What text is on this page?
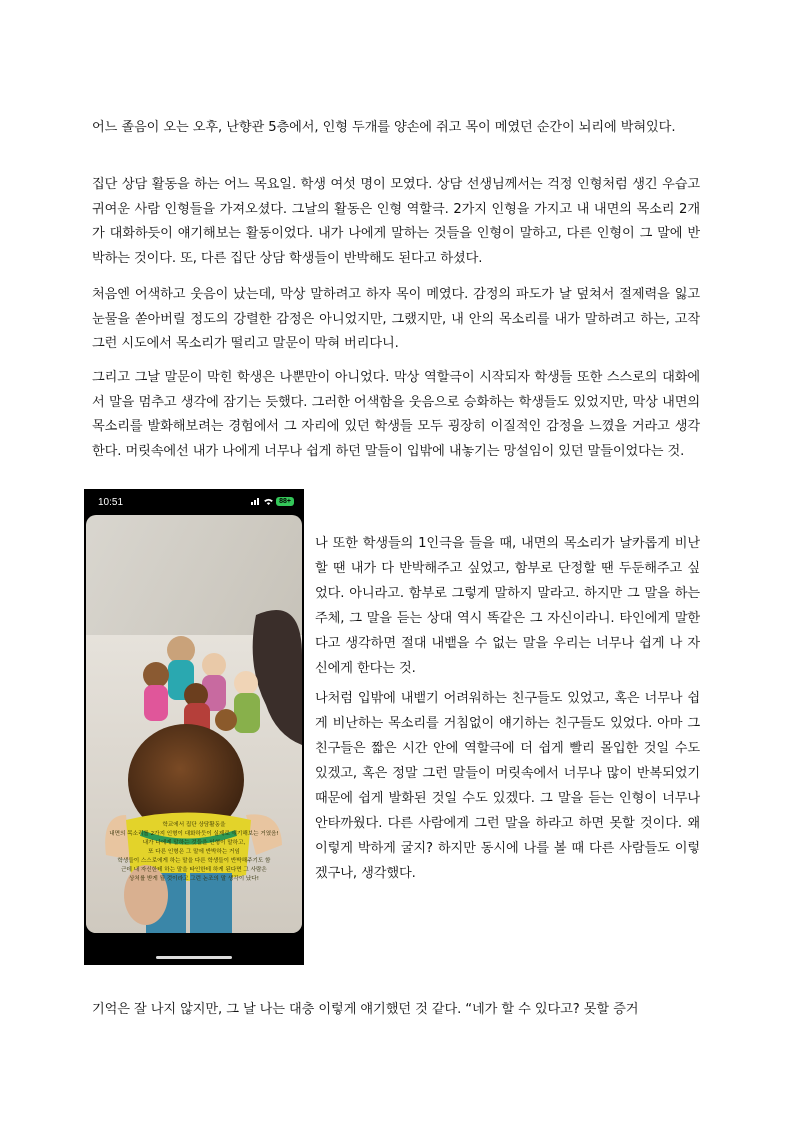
어느 졸음이 오는 오후, 난향관 5층에서, 인형 두개를 양손에 쥐고 목이 메였던 순간이 뇌리에 박혀있다.

집단 상담 활동을 하는 어느 목요일. 학생 여섯 명이 모였다. 상담 선생님께서는 걱정 인형처럼 생긴 우습고 귀여운 사람 인형들을 가져오셨다. 그날의 활동은 인형 역할극. 2가지 인형을 가지고 내 내면의 목소리 2개가 대화하듯이 얘기해보는 활동이었다. 내가 나에게 말하는 것들을 인형이 말하고, 다른 인형이 그 말에 반박하는 것이다. 또, 다른 집단 상담 학생들이 반박해도 된다고 하셨다.

처음엔 어색하고 웃음이 났는데, 막상 말하려고 하자 목이 메였다. 감정의 파도가 날 덮쳐서 절제력을 잃고 눈물을 쏟아버릴 정도의 강렬한 감정은 아니었지만, 그랬지만, 내 안의 목소리를 내가 말하려고 하는, 고작 그런 시도에서 목소리가 떨리고 말문이 막혀 버리다니.

그리고 그날 말문이 막힌 학생은 나뿐만이 아니었다. 막상 역할극이 시작되자 학생들 또한 스스로의 대화에서 말을 멈추고 생각에 잠기는 듯했다. 그러한 어색함을 웃음으로 승화하는 학생들도 있었지만, 막상 내면의 목소리를 발화해보려는 경험에서 그 자리에 있던 학생들 모두 굉장히 이질적인 감정을 느꼈을 거라고 생각한다. 머릿속에선 내가 나에게 너무나 쉽게 하던 말들이 입밖에 내놓기는 망설임이 있던 말들이었다는 것.

10:51	88+
학교에서 집단 상담활동을
내면의 목소리를 2가지 인형이 대화하듯이 실제로 얘기해보는 거였음!
내가 나에게 말하는 것들을 인형이 말하고,
또 다른 인형은 그 말에 반박하는 거임
학생들이 스스로에게 하는 말을 다른 학생들이 반박해주기도 함
근데 내 자신한테 하는 말을 타인한테 하게 된다면 그 사람은
상처를 받게 될 것이라고 그런 논조의 말 생각이 났다!

나 또한 학생들의 1인극을 들을 때, 내면의 목소리가 날카롭게 비난할 땐 내가 다 반박해주고 싶었고, 함부로 단정할 땐 두둔해주고 싶었다. 아니라고. 함부로 그렇게 말하지 말라고. 하지만 그 말을 하는 주체, 그 말을 듣는 상대 역시 똑같은 그 자신이라니. 타인에게 말한다고 생각하면 절대 내뱉을 수 없는 말을 우리는 너무나 쉽게 나 자신에게 한다는 것.

나처럼 입밖에 내뱉기 어려워하는 친구들도 있었고, 혹은 너무나 쉽게 비난하는 목소리를 거침없이 얘기하는 친구들도 있었다. 아마 그 친구들은 짧은 시간 안에 역할극에 더 쉽게 빨리 몰입한 것일 수도 있겠고, 혹은 정말 그런 말들이 머릿속에서 너무나 많이 반복되었기 때문에 쉽게 발화된 것일 수도 있겠다. 그 말을 듣는 인형이 너무나 안타까웠다. 다른 사람에게 그런 말을 하라고 하면 못할 것이다. 왜 이렇게 박하게 굴지? 하지만 동시에 나를 볼 때 다른 사람들도 이렇겠구나, 생각했다.

기억은 잘 나지 않지만, 그 날 나는 대충 이렇게 얘기했던 것 같다. “네가 할 수 있다고? 못할 증거
